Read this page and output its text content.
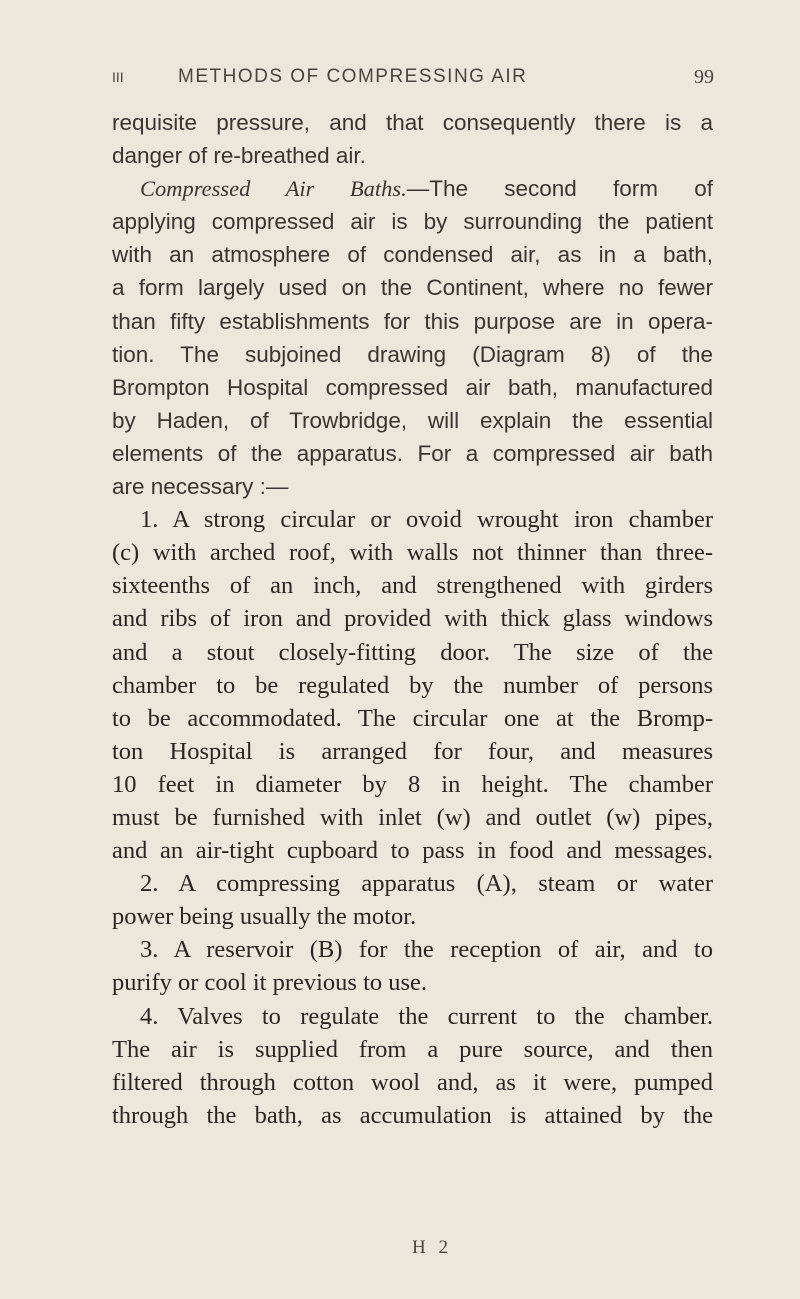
III	METHODS OF COMPRESSING AIR	99
requisite pressure, and that consequently there is a
danger of re-breathed air.
Compressed Air Baths.—The second form of
applying compressed air is by surrounding the patient
with an atmosphere of condensed air, as in a bath,
a form largely used on the Continent, where no fewer
than fifty establishments for this purpose are in opera-
tion. The subjoined drawing (Diagram 8) of the
Brompton Hospital compressed air bath, manufactured
by Haden, of Trowbridge, will explain the essential
elements of the apparatus. For a compressed air bath
are necessary :—
1. A strong circular or ovoid wrought iron chamber
(c) with arched roof, with walls not thinner than three-
sixteenths of an inch, and strengthened with girders
and ribs of iron and provided with thick glass windows
and a stout closely-fitting door. The size of the
chamber to be regulated by the number of persons
to be accommodated. The circular one at the Bromp-
ton Hospital is arranged for four, and measures
10 feet in diameter by 8 in height. The chamber
must be furnished with inlet (w) and outlet (w) pipes,
and an air-tight cupboard to pass in food and messages.
2. A compressing apparatus (A), steam or water
power being usually the motor.
3. A reservoir (B) for the reception of air, and to
purify or cool it previous to use.
4. Valves to regulate the current to the chamber.
The air is supplied from a pure source, and then
filtered through cotton wool and, as it were, pumped
through the bath, as accumulation is attained by the
H 2
